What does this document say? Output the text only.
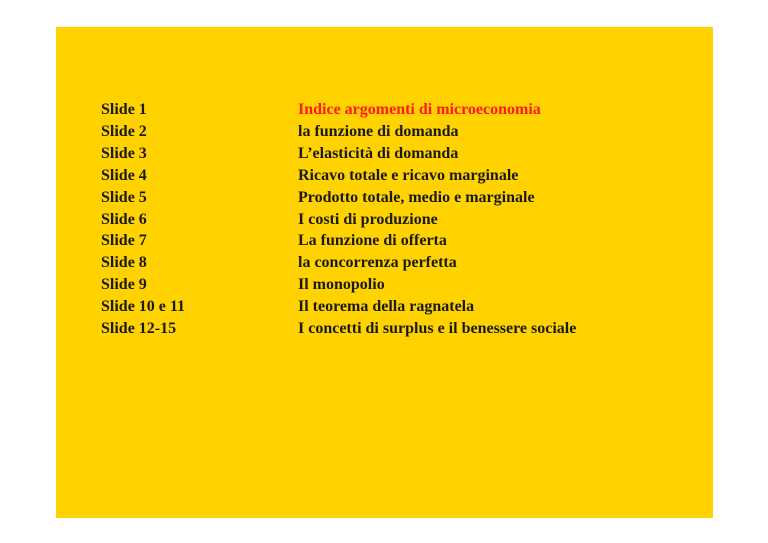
Slide 1	Indice argomenti di microeconomia
Slide 2	la funzione di domanda
Slide 3	L’elasticità di domanda
Slide 4	Ricavo totale e ricavo marginale
Slide 5	Prodotto totale, medio e marginale
Slide 6	I costi di produzione
Slide 7	La funzione di offerta
Slide 8	la concorrenza perfetta
Slide 9	Il monopolio
Slide 10 e 11	Il teorema della ragnatela
Slide 12-15	I concetti di surplus e il benessere sociale
